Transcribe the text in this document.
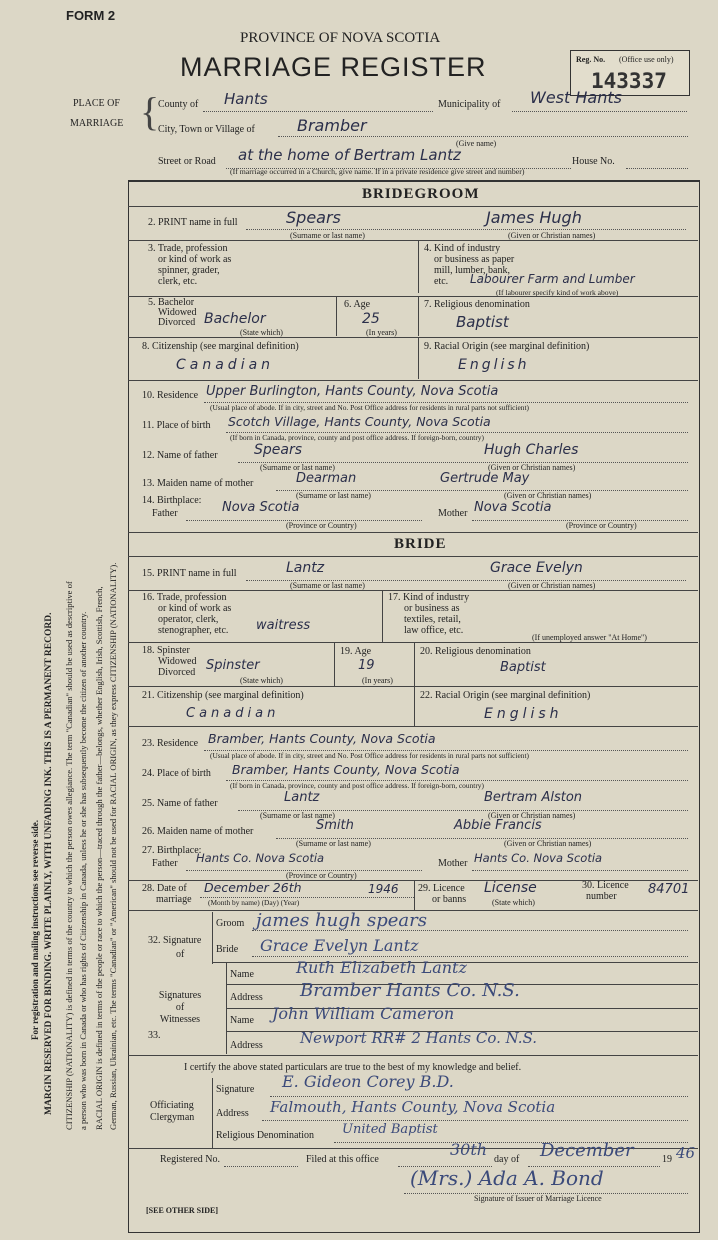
For registration and mailing instructions see reverse side. MARGIN RESERVED FOR BINDING. WRITE PLAINLY, WITH UNFADING INK. THIS IS A PERMANENT RECORD. CITIZENSHIP (NATIONALITY) is defined in terms of the country to which the person owes allegiance. The term "Canadian" should be used as descriptive of a person who was born in Canada or who has rights of Citizenship in Canada, unless he or she has subsequently become the citizen of another country. RACIAL ORIGIN is defined in terms of the people or race to which the person—traced through the father—belongs, whether English, Irish, Scottish, French, German, Russian, Ukrainian, etc. The terms "Canadian" or "American" should not be used for RACIAL ORIGIN, as they express CITIZENSHIP (NATIONALITY).
FORM 2
PROVINCE OF NOVA SCOTIA
MARRIAGE REGISTER	Reg. No. (Office use only)
143337
PLACE OF
MARRIAGE {
County of Hants	Municipality of West Hants
City, Town or Village of	Bramber
(Give name)
Street or Road at the home of Bertram Lantz	House No.
(If marriage occurred in a Church, give name. If in a private residence give street and number)
BRIDEGROOM
2. PRINT name in full	Spears	James Hugh
(Surname or last name)	(Given or Christian names)
3. Trade, profession
or kind of work as
spinner, grader,
clerk, etc.
4. Kind of industry
or business as paper
mill, lumber, bank,
etc.	Labourer Farm and Lumber
(If labourer specify kind of work above)
5. Bachelor
Widowed
Divorced Bachelor
(State which)
6. Age
25
(In years)
7. Religious denomination
Baptist
8. Citizenship (see marginal definition)
Canadian
9. Racial Origin (see marginal definition)
English
10. Residence Upper Burlington, Hants County, Nova Scotia
(Usual place of abode. If in city, street and No. Post Office address for residents in rural parts not sufficient)
11. Place of birth Scotch Village, Hants County, Nova Scotia
(If born in Canada, province, county and post office address. If foreign-born, country)
12. Name of father	Spears	Hugh Charles
(Surname or last name)	(Given or Christian names)
13. Maiden name of mother	Dearman	Gertrude May
(Surname or last name)	(Given or Christian names)
14. Birthplace:
Father	Nova Scotia	Mother Nova Scotia
(Province or Country)	(Province or Country)
BRIDE
15. PRINT name in full	Lantz	Grace Evelyn
(Surname or last name)	(Given or Christian names)
16. Trade, profession
or kind of work as
operator, clerk,
stenographer, etc. waitress
17. Kind of industry
or business as
textiles, retail,
law office, etc.
(If unemployed answer "At Home")
18. Spinster
Widowed
Divorced Spinster
(State which)
19. Age
19
(In years)
20. Religious denomination
Baptist
21. Citizenship (see marginal definition)
Canadian
22. Racial Origin (see marginal definition)
English
23. Residence Bramber, Hants County, Nova Scotia
(Usual place of abode. If in city, street and No. Post Office address for residents in rural parts not sufficient)
24. Place of birth Bramber, Hants County, Nova Scotia
(If born in Canada, province, county and post office address. If foreign-born, country)
25. Name of father	Lantz	Bertram Alston
(Surname or last name)	(Given or Christian names)
26. Maiden name of mother	Smith	Abbie Francis
(Surname or last name)	(Given or Christian names)
27. Birthplace:
Father Hants Co. Nova Scotia	Mother Hants Co. Nova Scotia
(Province or Country)
28. Date of
marriage
December 26th	1946
(Month by name) (Day) (Year)
29. Licence
or banns
License
(State which)
30. Licence
number	84701
32. Signature
of
Groom james hugh spears
Bride Grace Evelyn Lantz
Signatures
of
Witnesses
33.
Name	Ruth Elizabeth Lantz
Address Bramber Hants Co. N.S.
Name John William Cameron
Address Newport RR# 2 Hants Co. N.S.
I certify the above stated particulars are true to the best of my knowledge and belief.
Officiating
Clergyman
Signature E. Gideon Corey B.D.
Address Falmouth, Hants County, Nova Scotia
Religious Denomination United Baptist
Registered No.	Filed at this office
30th
day of December	19 46
(Mrs.) Ada A. Bond
Signature of Issuer of Marriage Licence
[SEE OTHER SIDE]
